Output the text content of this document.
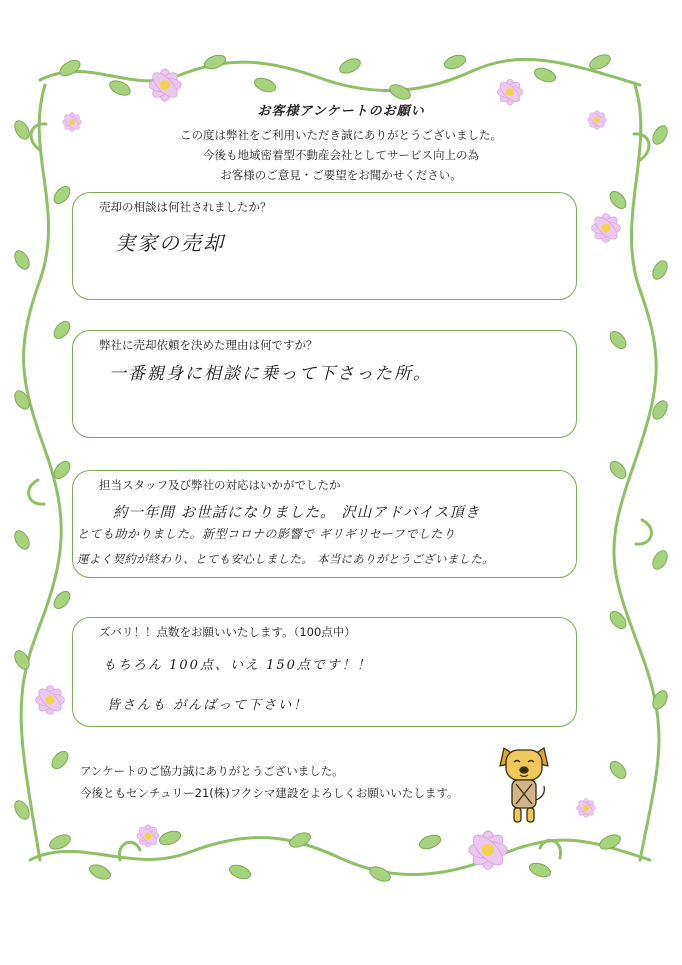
お客様アンケートのお願い
この度は弊社をご利用いただき誠にありがとうございました。
今後も地域密着型不動産会社としてサービス向上の為
お客様のご意見・ご要望をお聞かせください。
売却の相談は何社されましたか？
実家の売却
弊社に売却依頼を決めた理由は何ですか？
一番親身に相談に乗って下さった所。
担当スタッフ及び弊社の対応はいかがでしたか
約一年間 お世話になりました。 沢山アドバイス頂き
とても助かりました。新型コロナの影響で ギリギリセーフでしたり
運よく契約が終わり、とても安心しました。 本当にありがとうございました。
ズバリ！！点数をお願いいたします。（100点中）
もちろん 100点、いえ 150点です！！
皆さんも がんばって下さい！
アンケートのご協力誠にありがとうございました。
今後ともセンチュリー21(株)フクシマ建設をよろしくお願いいたします。
